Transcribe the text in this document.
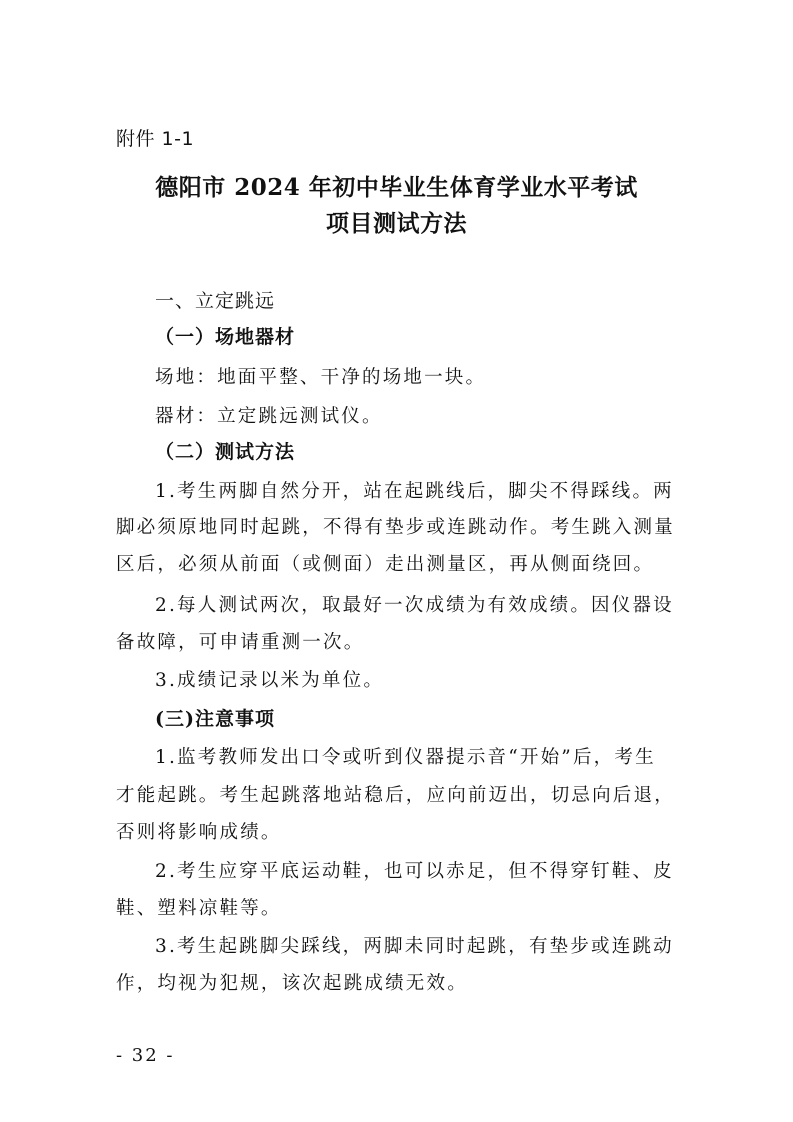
附件 1-1
德阳市 2024 年初中毕业生体育学业水平考试
项目测试方法
一、立定跳远
（一）场地器材
场地：地面平整、干净的场地一块。
器材：立定跳远测试仪。
（二）测试方法
1.考生两脚自然分开，站在起跳线后，脚尖不得踩线。两
脚必须原地同时起跳，不得有垫步或连跳动作。考生跳入测量
区后，必须从前面（或侧面）走出测量区，再从侧面绕回。
2.每人测试两次，取最好一次成绩为有效成绩。因仪器设
备故障，可申请重测一次。
3.成绩记录以米为单位。
(三)注意事项
1.监考教师发出口令或听到仪器提示音“开始”后，考生
才能起跳。考生起跳落地站稳后，应向前迈出，切忌向后退，
否则将影响成绩。
2.考生应穿平底运动鞋，也可以赤足，但不得穿钉鞋、皮
鞋、塑料凉鞋等。
3.考生起跳脚尖踩线，两脚未同时起跳，有垫步或连跳动
作，均视为犯规，该次起跳成绩无效。
- 32 -
